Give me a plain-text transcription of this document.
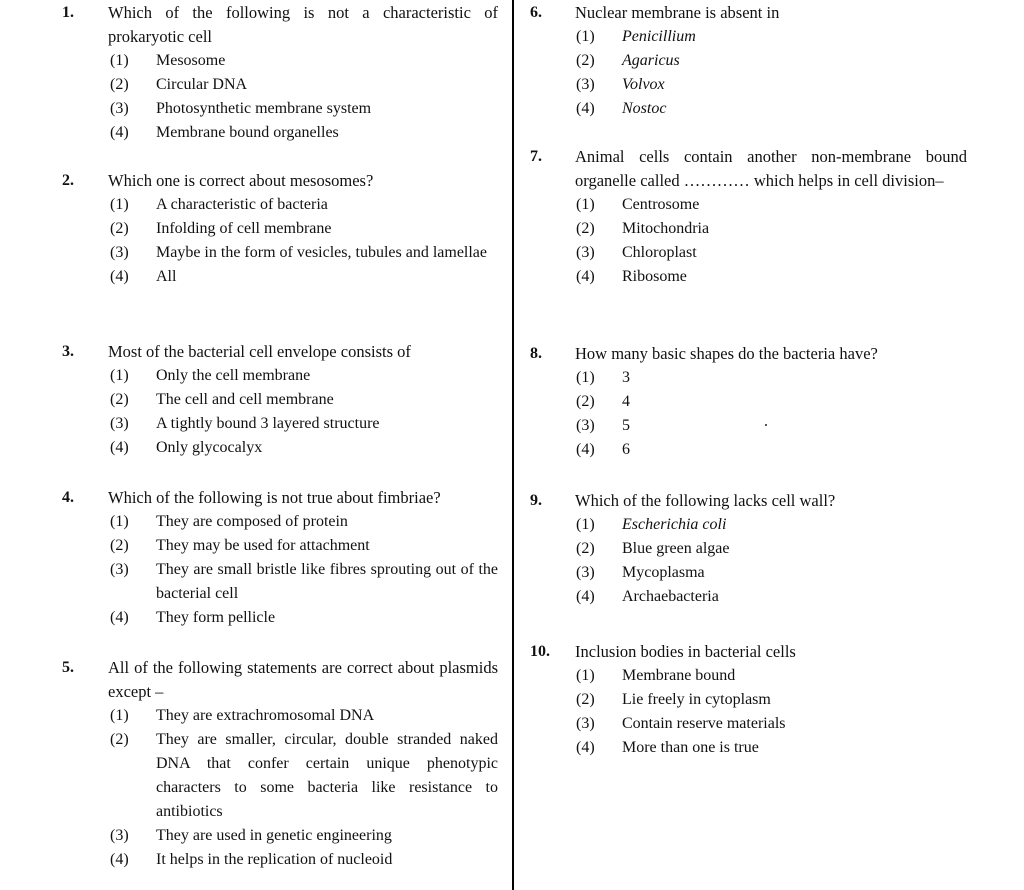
1. Which of the following is not a characteristic of prokaryotic cell
(1) Mesosome
(2) Circular DNA
(3) Photosynthetic membrane system
(4) Membrane bound organelles
2. Which one is correct about mesosomes?
(1) A characteristic of bacteria
(2) Infolding of cell membrane
(3) Maybe in the form of vesicles, tubules and lamellae
(4) All
3. Most of the bacterial cell envelope consists of
(1) Only the cell membrane
(2) The cell and cell membrane
(3) A tightly bound 3 layered structure
(4) Only glycocalyx
4. Which of the following is not true about fimbriae?
(1) They are composed of protein
(2) They may be used for attachment
(3) They are small bristle like fibres sprouting out of the bacterial cell
(4) They form pellicle
5. All of the following statements are correct about plasmids except –
(1) They are extrachromosomal DNA
(2) They are smaller, circular, double stranded naked DNA that confer certain unique phenotypic characters to some bacteria like resistance to antibiotics
(3) They are used in genetic engineering
(4) It helps in the replication of nucleoid
6. Nuclear membrane is absent in
(1) Penicillium
(2) Agaricus
(3) Volvox
(4) Nostoc
7. Animal cells contain another non-membrane bound organelle called ………… which helps in cell division–
(1) Centrosome
(2) Mitochondria
(3) Chloroplast
(4) Ribosome
8. How many basic shapes do the bacteria have?
(1) 3
(2) 4
(3) 5
(4) 6
9. Which of the following lacks cell wall?
(1) Escherichia coli
(2) Blue green algae
(3) Mycoplasma
(4) Archaebacteria
10. Inclusion bodies in bacterial cells
(1) Membrane bound
(2) Lie freely in cytoplasm
(3) Contain reserve materials
(4) More than one is true
